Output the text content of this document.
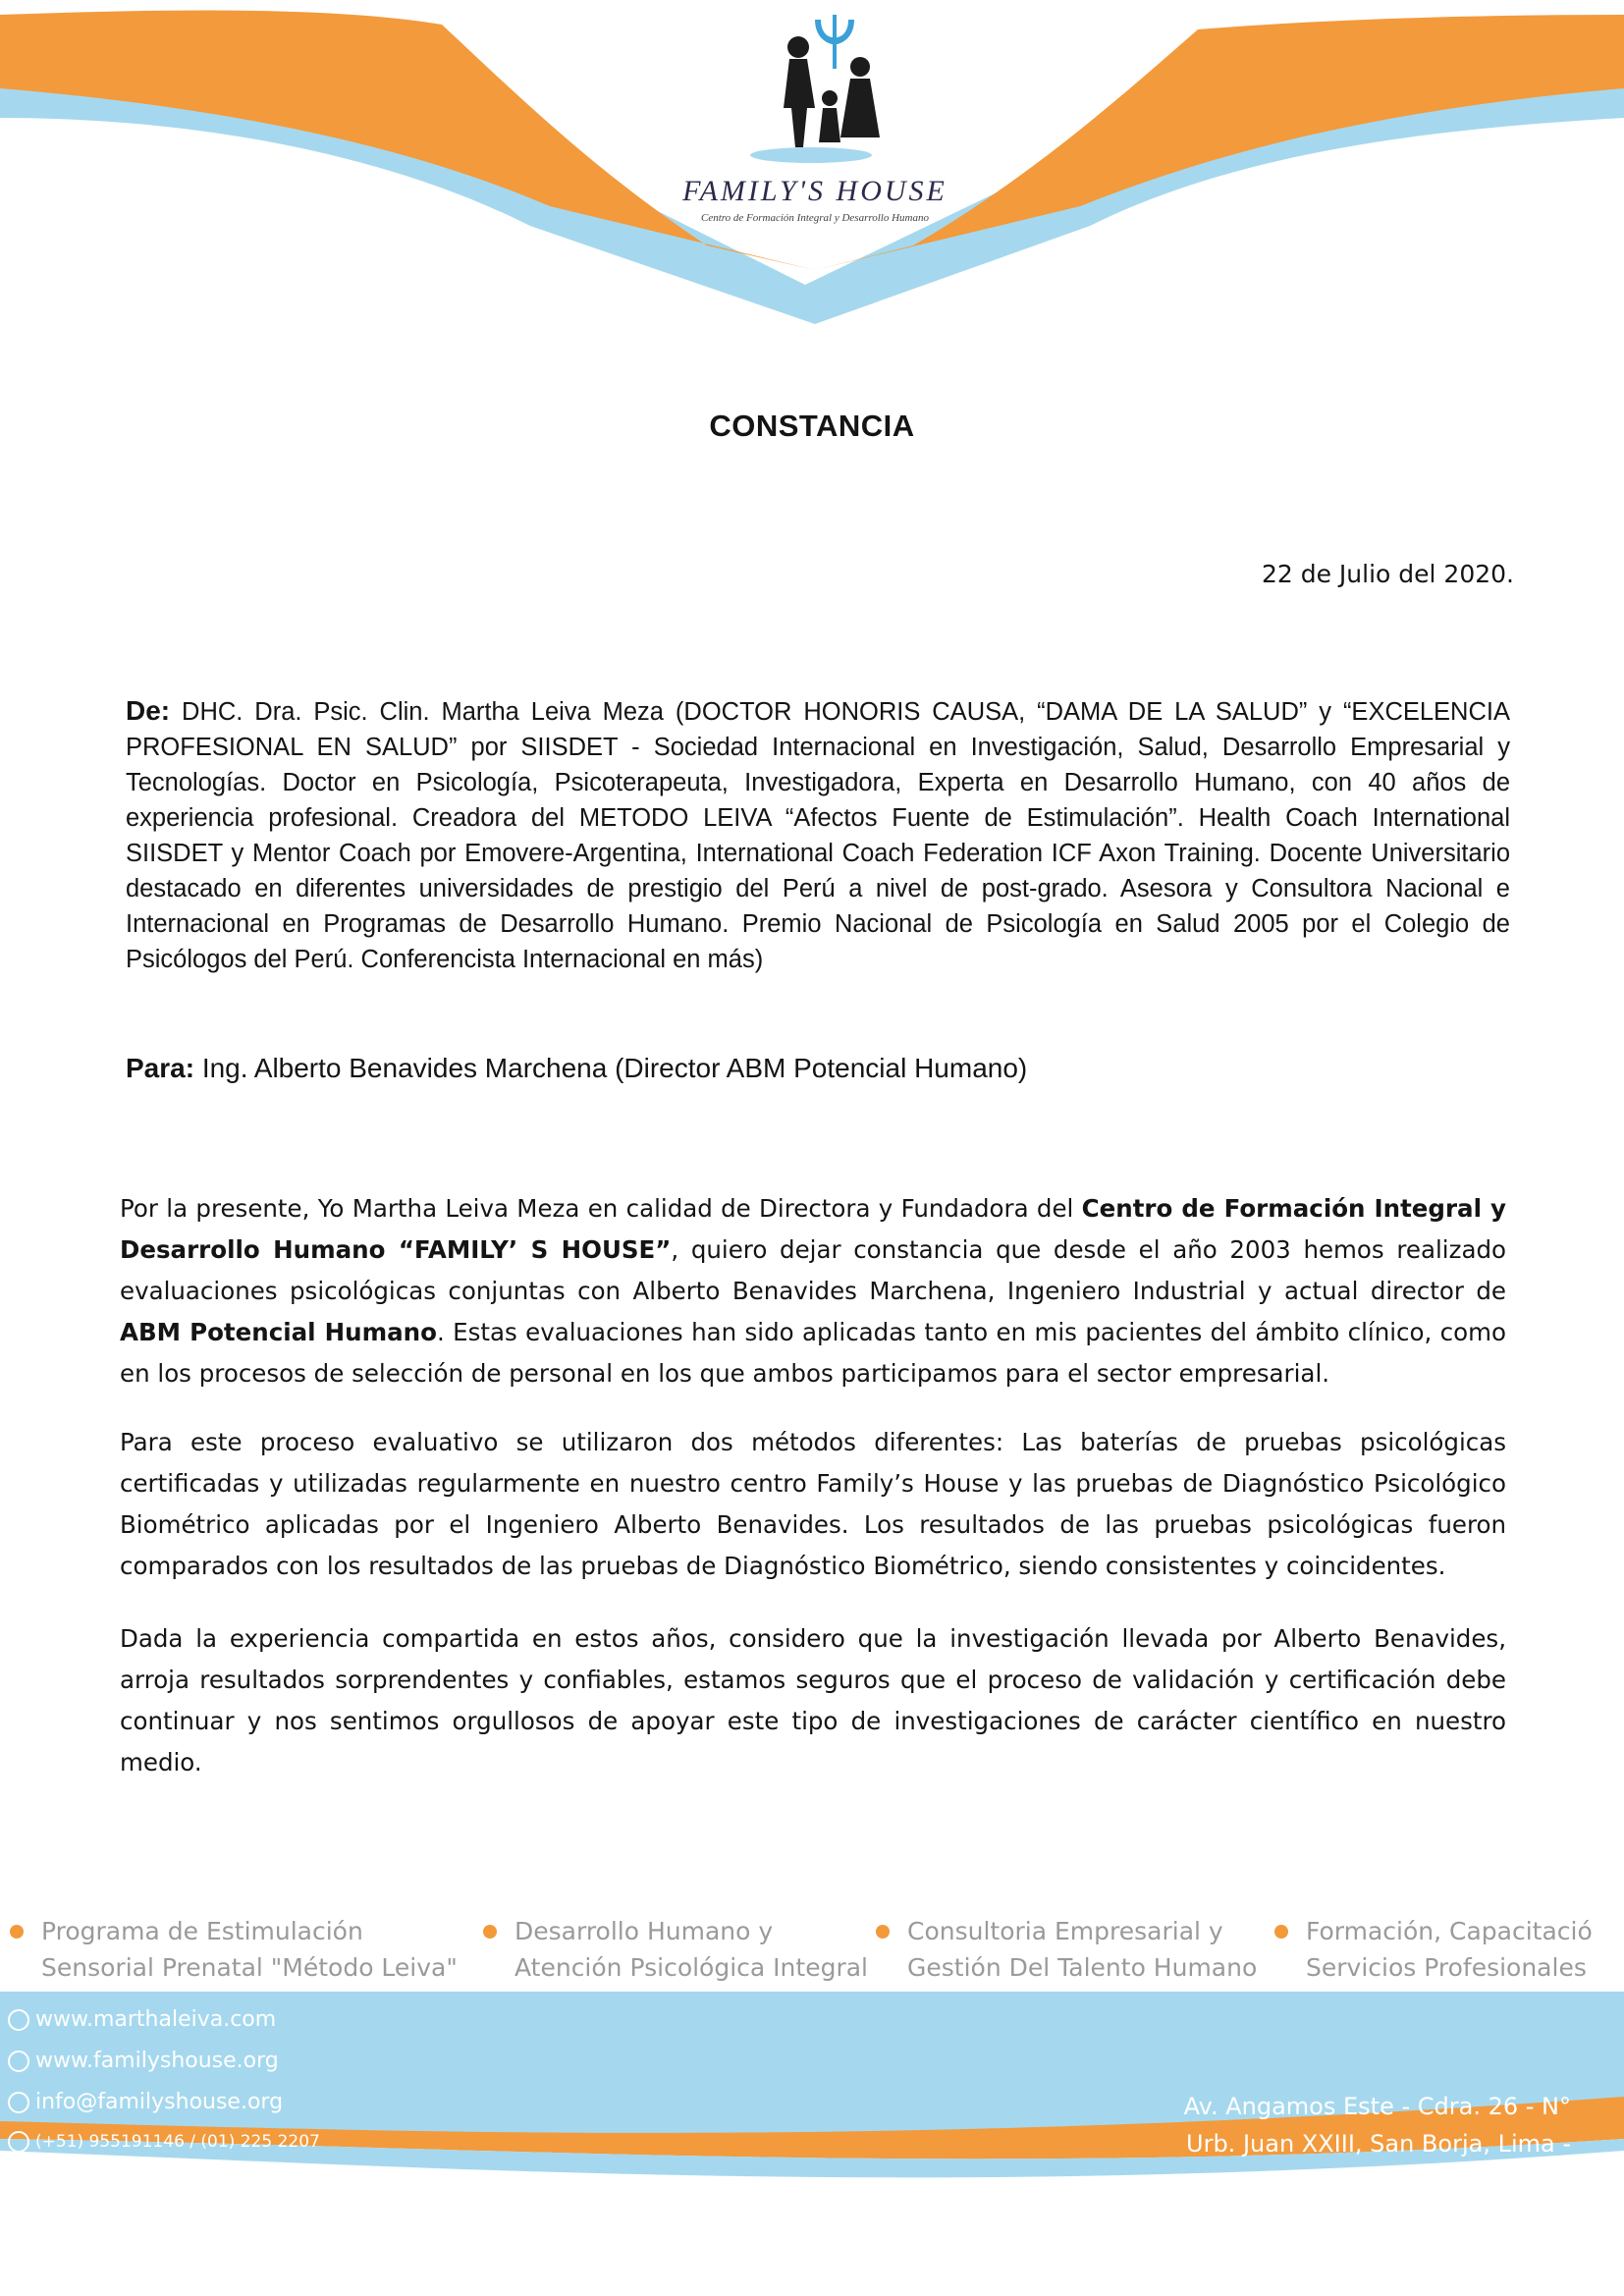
FAMILY'S HOUSE
Centro de Formación Integral y Desarrollo Humano
CONSTANCIA
22 de Julio del 2020.
De: DHC. Dra. Psic. Clin. Martha Leiva Meza (DOCTOR HONORIS CAUSA, “DAMA DE LA SALUD” y “EXCELENCIA PROFESIONAL EN SALUD” por SIISDET - Sociedad Internacional en Investigación, Salud, Desarrollo Empresarial y Tecnologías. Doctor en Psicología, Psicoterapeuta, Investigadora, Experta en Desarrollo Humano, con 40 años de experiencia profesional. Creadora del METODO LEIVA “Afectos Fuente de Estimulación”. Health Coach International SIISDET y Mentor Coach por Emovere-Argentina, International Coach Federation ICF Axon Training. Docente Universitario destacado en diferentes universidades de prestigio del Perú a nivel de post-grado. Asesora y Consultora Nacional e Internacional en Programas de Desarrollo Humano. Premio Nacional de Psicología en Salud 2005 por el Colegio de Psicólogos del Perú. Conferencista Internacional en más)
Para: Ing. Alberto Benavides Marchena (Director ABM Potencial Humano)
Por la presente, Yo Martha Leiva Meza en calidad de Directora y Fundadora del Centro de Formación Integral y Desarrollo Humano “FAMILY’ S HOUSE”, quiero dejar constancia que desde el año 2003 hemos realizado evaluaciones psicológicas conjuntas con Alberto Benavides Marchena, Ingeniero Industrial y actual director de ABM Potencial Humano. Estas evaluaciones han sido aplicadas tanto en mis pacientes del ámbito clínico, como en los procesos de selección de personal en los que ambos participamos para el sector empresarial.
Para este proceso evaluativo se utilizaron dos métodos diferentes: Las baterías de pruebas psicológicas certificadas y utilizadas regularmente en nuestro centro Family’s House y las pruebas de Diagnóstico Psicológico Biométrico aplicadas por el Ingeniero Alberto Benavides. Los resultados de las pruebas psicológicas fueron comparados con los resultados de las pruebas de Diagnóstico Biométrico, siendo consistentes y coincidentes.
Dada la experiencia compartida en estos años, considero que la investigación llevada por Alberto Benavides, arroja resultados sorprendentes y confiables, estamos seguros que el proceso de validación y certificación debe continuar y nos sentimos orgullosos de apoyar este tipo de investigaciones de carácter científico en nuestro medio.
Programa de Estimulación
Sensorial Prenatal "Método Leiva"
Desarrollo Humano y
Atención Psicológica Integral
Consultoria Empresarial y
Gestión Del Talento Humano
Formación, Capacitació
Servicios Profesionales
www.marthaleiva.com
www.familyshouse.org
info@familyshouse.org
(+51) 955191146 / (01) 225 2207
Av. Angamos Este - Cdra. 26 - N°
Urb. Juan XXIII, San Borja, Lima -
